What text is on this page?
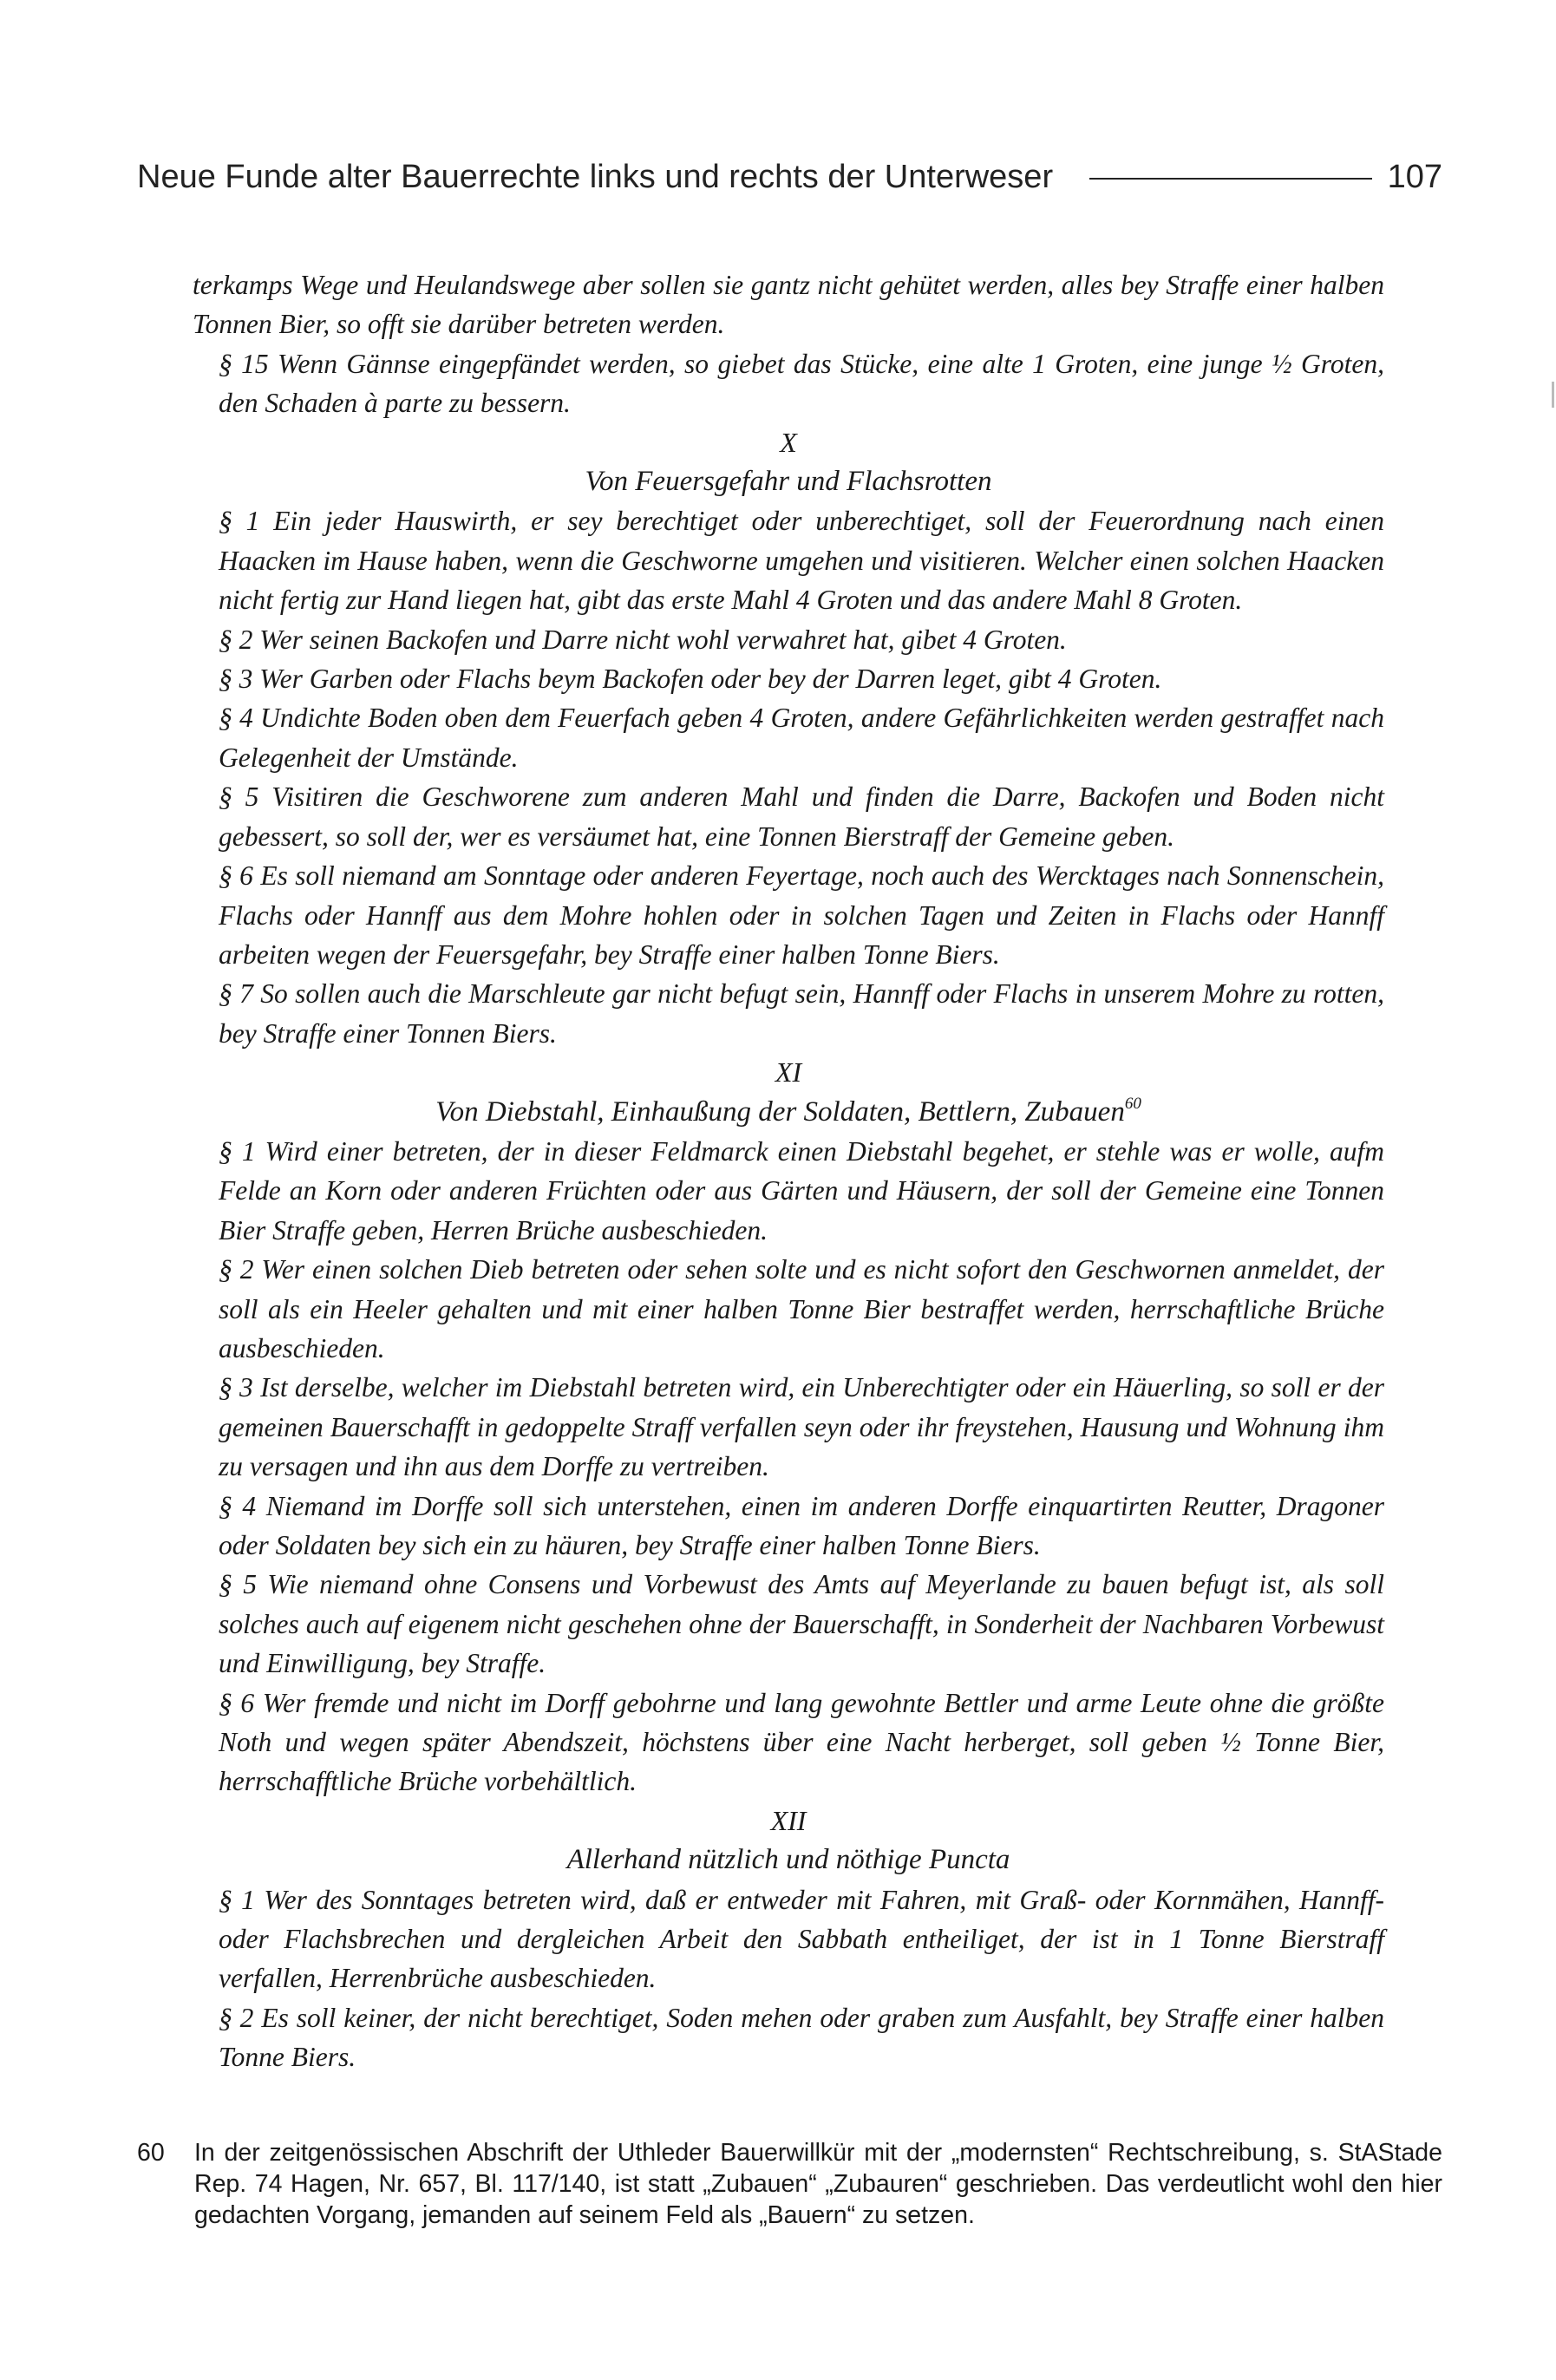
Neue Funde alter Bauerrechte links und rechts der Unterweser	107

terkamps Wege und Heulandswege aber sollen sie gantz nicht gehütet werden, alles bey Straffe einer halben Tonnen Bier, so offt sie darüber betreten werden.

§ 15 Wenn Gännse eingepfändet werden, so giebet das Stücke, eine alte 1 Groten, eine junge ½ Groten, den Schaden à parte zu bessern.

X

Von Feuersgefahr und Flachsrotten

§ 1 Ein jeder Hauswirth, er sey berechtiget oder unberechtiget, soll der Feuerordnung nach einen Haacken im Hause haben, wenn die Geschworne umgehen und visitieren. Welcher einen solchen Haacken nicht fertig zur Hand liegen hat, gibt das erste Mahl 4 Groten und das andere Mahl 8 Groten.

§ 2 Wer seinen Backofen und Darre nicht wohl verwahret hat, gibet 4 Groten.

§ 3 Wer Garben oder Flachs beym Backofen oder bey der Darren leget, gibt 4 Groten.

§ 4 Undichte Boden oben dem Feuerfach geben 4 Groten, andere Gefährlichkeiten werden gestraffet nach Gelegenheit der Umstände.

§ 5 Visitiren die Geschworene zum anderen Mahl und finden die Darre, Backofen und Boden nicht gebessert, so soll der, wer es versäumet hat, eine Tonnen Bierstraff der Gemeine geben.

§ 6 Es soll niemand am Sonntage oder anderen Feyertage, noch auch des Wercktages nach Sonnenschein, Flachs oder Hannff aus dem Mohre hohlen oder in solchen Tagen und Zeiten in Flachs oder Hannff arbeiten wegen der Feuersgefahr, bey Straffe einer halben Tonne Biers.

§ 7 So sollen auch die Marschleute gar nicht befugt sein, Hannff oder Flachs in unserem Mohre zu rotten, bey Straffe einer Tonnen Biers.

XI

Von Diebstahl, Einhaußung der Soldaten, Bettlern, Zubauen$^{60}$

§ 1 Wird einer betreten, der in dieser Feldmarck einen Diebstahl begehet, er stehle was er wolle, aufm Felde an Korn oder anderen Früchten oder aus Gärten und Häusern, der soll der Gemeine eine Tonnen Bier Straffe geben, Herren Brüche ausbeschieden.

§ 2 Wer einen solchen Dieb betreten oder sehen solte und es nicht sofort den Geschwornen anmeldet, der soll als ein Heeler gehalten und mit einer halben Tonne Bier bestraffet werden, herrschaftliche Brüche ausbeschieden.

§ 3 Ist derselbe, welcher im Diebstahl betreten wird, ein Unberechtigter oder ein Häuerling, so soll er der gemeinen Bauerschafft in gedoppelte Straff verfallen seyn oder ihr freystehen, Hausung und Wohnung ihm zu versagen und ihn aus dem Dorffe zu vertreiben.

§ 4 Niemand im Dorffe soll sich unterstehen, einen im anderen Dorffe einquartirten Reutter, Dragoner oder Soldaten bey sich ein zu häuren, bey Straffe einer halben Tonne Biers.

§ 5 Wie niemand ohne Consens und Vorbewust des Amts auf Meyerlande zu bauen befugt ist, als soll solches auch auf eigenem nicht geschehen ohne der Bauerschafft, in Sonderheit der Nachbaren Vorbewust und Einwilligung, bey Straffe.

§ 6 Wer fremde und nicht im Dorff gebohrne und lang gewohnte Bettler und arme Leute ohne die größte Noth und wegen später Abendszeit, höchstens über eine Nacht herberget, soll geben ½ Tonne Bier, herrschafftliche Brüche vorbehältlich.

XII

Allerhand nützlich und nöthige Puncta

§ 1 Wer des Sonntages betreten wird, daß er entweder mit Fahren, mit Graß- oder Kornmähen, Hannff- oder Flachsbrechen und dergleichen Arbeit den Sabbath entheiliget, der ist in 1 Tonne Bierstraff verfallen, Herrenbrüche ausbeschieden.

§ 2 Es soll keiner, der nicht berechtiget, Soden mehen oder graben zum Ausfahlt, bey Straffe einer halben Tonne Biers.

60	In der zeitgenössischen Abschrift der Uthleder Bauerwillkür mit der „modernsten“ Rechtschreibung, s. StAStade Rep. 74 Hagen, Nr. 657, Bl. 117/140, ist statt „Zubauen“ „Zubauren“ geschrieben. Das verdeutlicht wohl den hier gedachten Vorgang, jemanden auf seinem Feld als „Bauern“ zu setzen.
